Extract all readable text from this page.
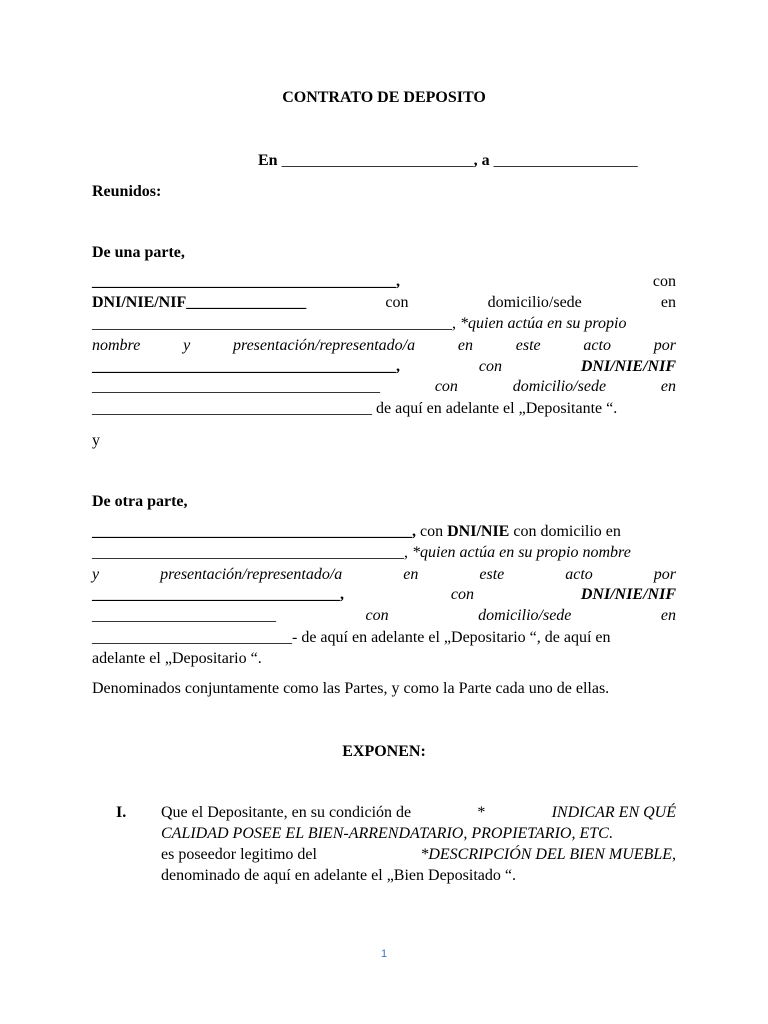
CONTRATO DE DEPOSITO
En ________________________, a __________________
Reunidos:
De una parte,
______________________________________,	con
DNI/NIE/NIF_______________	con	domicilio/sede	en
_____________________________________________, *quien actúa en su propio
nombre	y	presentación/representado/a	en	este	acto	por
______________________________________,	con	DNI/NIE/NIF
____________________________________	con	domicilio/sede	en
___________________________________ de aquí en adelante el „Depositante “.
y
De otra parte,
________________________________________, con DNI/NIE con domicilio en
_______________________________________, *quien actúa en su propio nombre
y	presentación/representado/a	en	este	acto	por
_______________________________,	con	DNI/NIE/NIF
_______________________	con	domicilio/sede	en
_________________________- de aquí en adelante el „Depositario “, de aquí en
adelante el „Depositario “.
Denominados conjuntamente como las Partes, y como la Parte cada uno de ellas.
EXPONEN:
I. Que el Depositante, en su condición de	*	INDICAR EN QUÉ
CALIDAD POSEE EL BIEN-ARRENDATARIO, PROPIETARIO, ETC.
es poseedor legitimo del	*DESCRIPCIÓN DEL BIEN MUEBLE,
denominado de aquí en adelante el „Bien Depositado “.
1
